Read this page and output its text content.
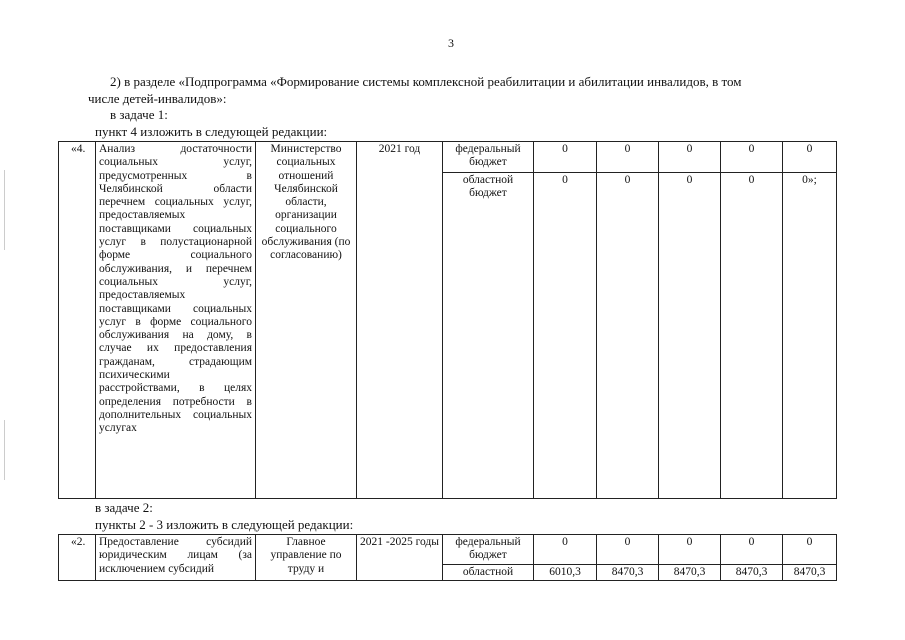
3
2) в разделе «Подпрограмма «Формирование системы комплексной реабилитации и абилитации инвалидов, в том
числе детей-инвалидов»:
в задаче 1:
пункт 4 изложить в следующей редакции:
«4.	Анализ достаточности социальных услуг, предусмотренных в Челябинской области перечнем социальных услуг, предоставляемых поставщиками социальных услуг в полустационарной форме социального обслуживания, и перечнем социальных услуг, предоставляемых поставщиками социальных услуг в форме социального обслуживания на дому, в случае их предоставления гражданам, страдающим психическими расстройствами, в целях определения потребности в дополнительных социальных услугах	Министерство социальных отношений Челябинской области, организации социального обслуживания (по согласованию)	2021 год	федеральный бюджет	0	0	0	0	0
				областной бюджет	0	0	0	0	0»;
в задаче 2:
пункты 2 - 3 изложить в следующей редакции:
«2.	Предоставление субсидий юридическим лицам (за исключением субсидий	Главное управление по труду и	2021 -2025 годы	федеральный бюджет	0	0	0	0	0
				областной	6010,3	8470,3	8470,3	8470,3	8470,3
